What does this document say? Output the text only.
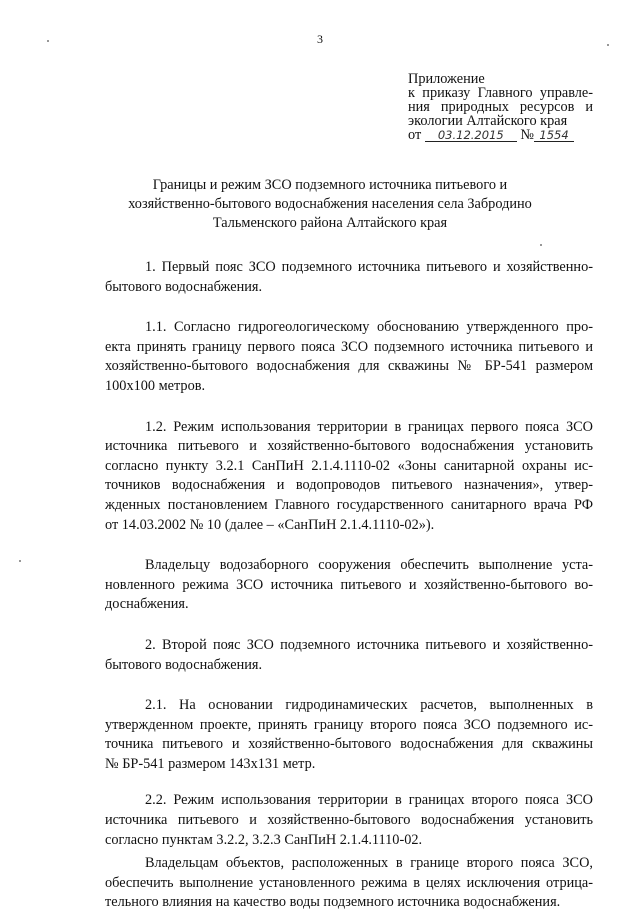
3
Приложение
к приказу Главного управле-
ния природных ресурсов и
экологии Алтайского края
от 03.12.2015 № 1554
Границы и режим ЗСО подземного источника питьевого и
хозяйственно-бытового водоснабжения населения села Забродино
Тальменского района Алтайского края
1. Первый пояс ЗСО подземного источника питьевого и хозяйственно-
бытового водоснабжения.
1.1. Согласно гидрогеологическому обоснованию утвержденного про-
екта принять границу первого пояса ЗСО подземного источника питьевого и
хозяйственно-бытового водоснабжения для скважины № БР-541 размером
100х100 метров.
1.2. Режим использования территории в границах первого пояса ЗСО
источника питьевого и хозяйственно-бытового водоснабжения установить
согласно пункту 3.2.1 СанПиН 2.1.4.1110-02 «Зоны санитарной охраны ис-
точников водоснабжения и водопроводов питьевого назначения», утвер-
жденных постановлением Главного государственного санитарного врача РФ
от 14.03.2002 № 10 (далее – «СанПиН 2.1.4.1110-02»).
Владельцу водозаборного сооружения обеспечить выполнение уста-
новленного режима ЗСО источника питьевого и хозяйственно-бытового во-
доснабжения.
2. Второй пояс ЗСО подземного источника питьевого и хозяйственно-
бытового водоснабжения.
2.1. На основании гидродинамических расчетов, выполненных в
утвержденном проекте, принять границу второго пояса ЗСО подземного ис-
точника питьевого и хозяйственно-бытового водоснабжения для скважины
№ БР-541 размером 143х131 метр.
2.2. Режим использования территории в границах второго пояса ЗСО
источника питьевого и хозяйственно-бытового водоснабжения установить
согласно пунктам 3.2.2, 3.2.3 СанПиН 2.1.4.1110-02.
Владельцам объектов, расположенных в границе второго пояса ЗСО,
обеспечить выполнение установленного режима в целях исключения отрица-
тельного влияния на качество воды подземного источника водоснабжения.
